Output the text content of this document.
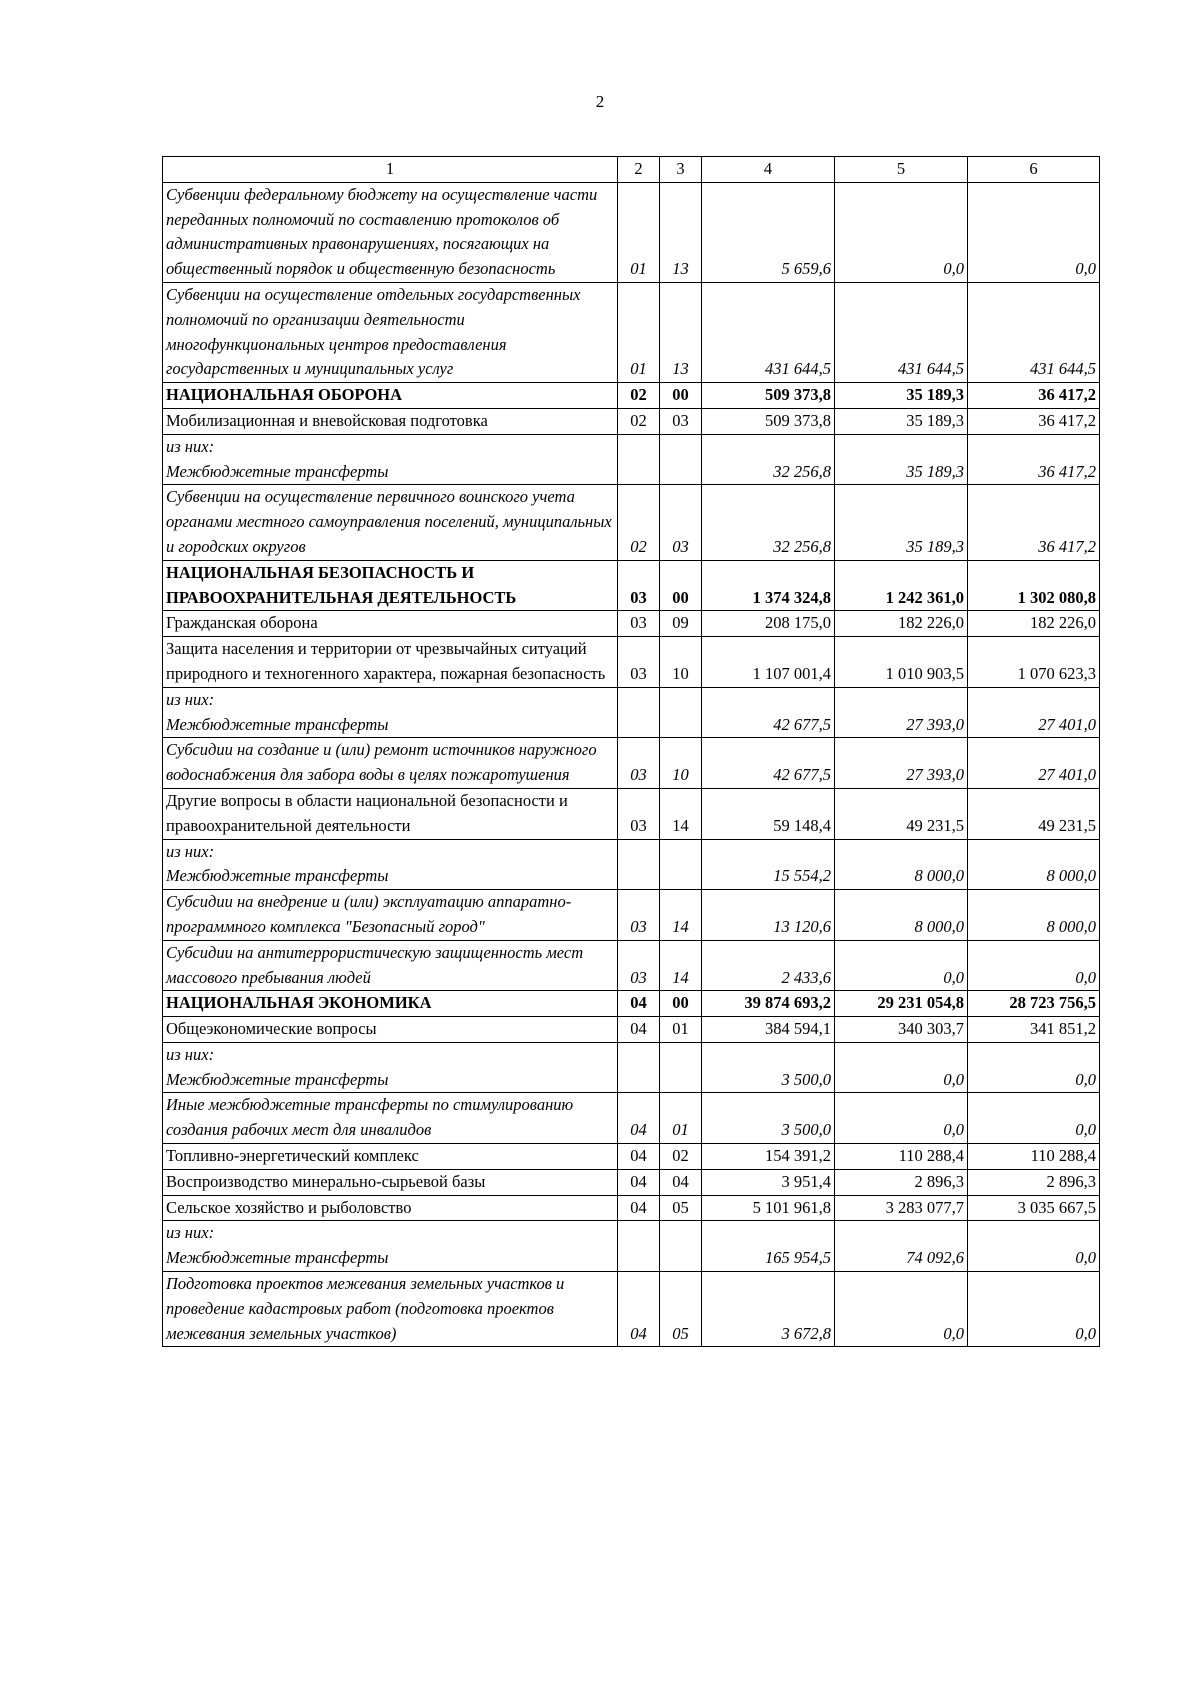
2
1	2	3	4	5	6
Субвенции федеральному бюджету на осуществление части переданных полномочий по составлению протоколов об административных правонарушениях, посягающих на общественный порядок и общественную безопасность	01	13	5 659,6	0,0	0,0
Субвенции на осуществление отдельных государственных полномочий по организации деятельности многофункциональных центров предоставления государственных и муниципальных услуг	01	13	431 644,5	431 644,5	431 644,5
НАЦИОНАЛЬНАЯ ОБОРОНА	02	00	509 373,8	35 189,3	36 417,2
Мобилизационная и вневойсковая подготовка	02	03	509 373,8	35 189,3	36 417,2
из них:
Межбюджетные трансферты			32 256,8	35 189,3	36 417,2
Субвенции на осуществление первичного воинского учета органами местного самоуправления поселений, муниципальных и городских округов	02	03	32 256,8	35 189,3	36 417,2
НАЦИОНАЛЬНАЯ БЕЗОПАСНОСТЬ И ПРАВООХРАНИТЕЛЬНАЯ ДЕЯТЕЛЬНОСТЬ	03	00	1 374 324,8	1 242 361,0	1 302 080,8
Гражданская оборона	03	09	208 175,0	182 226,0	182 226,0
Защита населения и территории от чрезвычайных ситуаций природного и техногенного характера, пожарная безопасность	03	10	1 107 001,4	1 010 903,5	1 070 623,3
из них:
Межбюджетные трансферты			42 677,5	27 393,0	27 401,0
Субсидии на создание и (или) ремонт источников наружного водоснабжения для забора воды в целях пожаротушения	03	10	42 677,5	27 393,0	27 401,0
Другие вопросы в области национальной безопасности и правоохранительной деятельности	03	14	59 148,4	49 231,5	49 231,5
из них:
Межбюджетные трансферты			15 554,2	8 000,0	8 000,0
Субсидии на внедрение и (или) эксплуатацию аппаратно-программного комплекса "Безопасный город"	03	14	13 120,6	8 000,0	8 000,0
Субсидии на антитеррористическую защищенность мест массового пребывания людей	03	14	2 433,6	0,0	0,0
НАЦИОНАЛЬНАЯ ЭКОНОМИКА	04	00	39 874 693,2	29 231 054,8	28 723 756,5
Общеэкономические вопросы	04	01	384 594,1	340 303,7	341 851,2
из них:
Межбюджетные трансферты			3 500,0	0,0	0,0
Иные межбюджетные трансферты по стимулированию создания рабочих мест для инвалидов	04	01	3 500,0	0,0	0,0
Топливно-энергетический комплекс	04	02	154 391,2	110 288,4	110 288,4
Воспроизводство минерально-сырьевой базы	04	04	3 951,4	2 896,3	2 896,3
Сельское хозяйство и рыболовство	04	05	5 101 961,8	3 283 077,7	3 035 667,5
из них:
Межбюджетные трансферты			165 954,5	74 092,6	0,0
Подготовка проектов межевания земельных участков и проведение кадастровых работ (подготовка проектов межевания земельных участков)	04	05	3 672,8	0,0	0,0
